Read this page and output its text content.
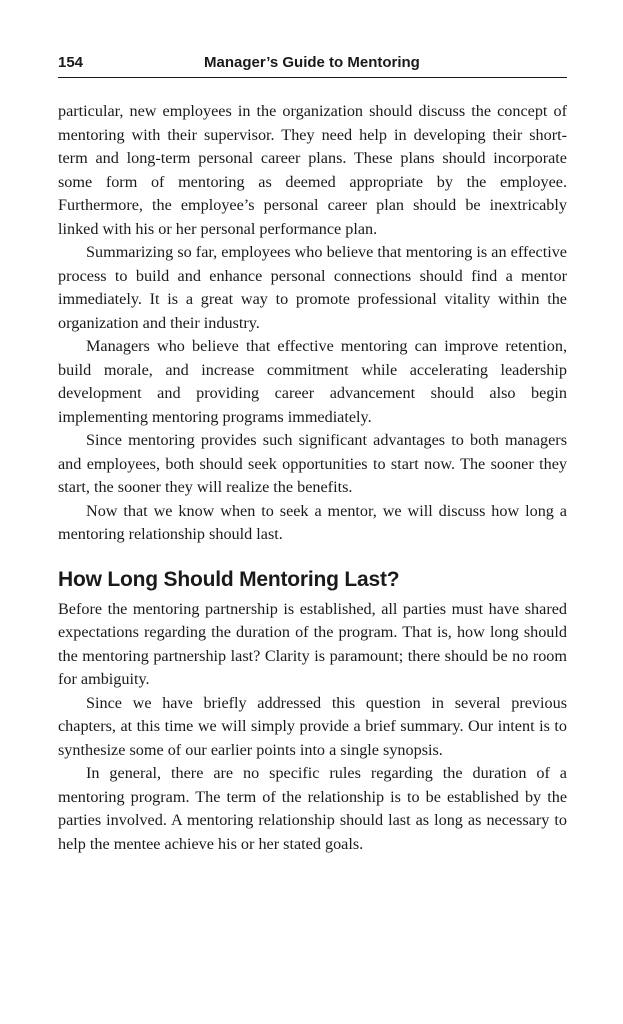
154	Manager’s Guide to Mentoring

particular, new employees in the organization should discuss the concept of mentoring with their supervisor. They need help in developing their short-term and long-term personal career plans. These plans should incorporate some form of mentoring as deemed appropriate by the employee. Furthermore, the employee’s personal career plan should be inextricably linked with his or her personal performance plan.

Summarizing so far, employees who believe that mentoring is an effective process to build and enhance personal connections should find a mentor immediately. It is a great way to promote professional vitality within the organization and their industry.

Managers who believe that effective mentoring can improve retention, build morale, and increase commitment while accelerating leadership development and providing career advancement should also begin implementing mentoring programs immediately.

Since mentoring provides such significant advantages to both managers and employees, both should seek opportunities to start now. The sooner they start, the sooner they will realize the benefits.

Now that we know when to seek a mentor, we will discuss how long a mentoring relationship should last.

How Long Should Mentoring Last?

Before the mentoring partnership is established, all parties must have shared expectations regarding the duration of the program. That is, how long should the mentoring partnership last? Clarity is paramount; there should be no room for ambiguity.

Since we have briefly addressed this question in several previous chapters, at this time we will simply provide a brief summary. Our intent is to synthesize some of our earlier points into a single synopsis.

In general, there are no specific rules regarding the duration of a mentoring program. The term of the relationship is to be established by the parties involved. A mentoring relationship should last as long as necessary to help the mentee achieve his or her stated goals.
